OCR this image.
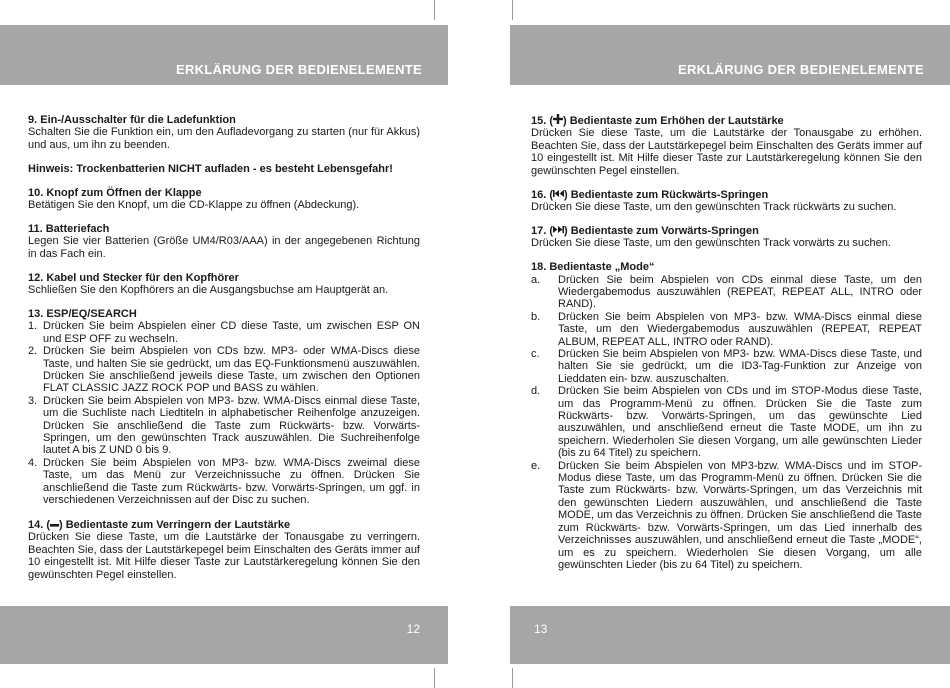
ERKLÄRUNG DER BEDIENELEMENTE	ERKLÄRUNG DER BEDIENELEMENTE
9. Ein-/Ausschalter für die Ladefunktion
Schalten Sie die Funktion ein, um den Aufladevorgang zu starten (nur für Akkus) und aus, um ihn zu beenden.
Hinweis: Trockenbatterien NICHT aufladen - es besteht Lebensgefahr!
10. Knopf zum Öffnen der Klappe
Betätigen Sie den Knopf, um die CD-Klappe zu öffnen (Abdeckung).
11. Batteriefach
Legen Sie vier Batterien (Größe UM4/R03/AAA) in der angegebenen Richtung in das Fach ein.
12. Kabel und Stecker für den Kopfhörer
Schließen Sie den Kopfhörers an die Ausgangsbuchse am Hauptgerät an.
13. ESP/EQ/SEARCH
1. Drücken Sie beim Abspielen einer CD diese Taste, um zwischen ESP ON und ESP OFF zu wechseln.
2. Drücken Sie beim Abspielen von CDs bzw. MP3- oder WMA-Discs diese Taste, und halten Sie sie gedrückt, um das EQ-Funktionsmenü auszuwählen. Drücken Sie anschließend jeweils diese Taste, um zwischen den Optionen FLAT CLASSIC JAZZ ROCK POP und BASS zu wählen.
3. Drücken Sie beim Abspielen von MP3- bzw. WMA-Discs einmal diese Taste, um die Suchliste nach Liedtiteln in alphabetischer Reihenfolge anzuzeigen. Drücken Sie anschließend die Taste zum Rückwärts- bzw. Vorwärts-Springen, um den gewünschten Track auszuwählen. Die Suchreihenfolge lautet A bis Z UND 0 bis 9.
4. Drücken Sie beim Abspielen von MP3- bzw. WMA-Discs zweimal diese Taste, um das Menü zur Verzeichnissuche zu öffnen. Drücken Sie anschließend die Taste zum Rückwärts- bzw. Vorwärts-Springen, um ggf. in verschiedenen Verzeichnissen auf der Disc zu suchen.
14. ( ) Bedientaste zum Verringern der Lautstärke
Drücken Sie diese Taste, um die Lautstärke der Tonausgabe zu verringern. Beachten Sie, dass der Lautstärkepegel beim Einschalten des Geräts immer auf 10 eingestellt ist. Mit Hilfe dieser Taste zur Lautstärkeregelung können Sie den gewünschten Pegel einstellen.
15. ( ) Bedientaste zum Erhöhen der Lautstärke
Drücken Sie diese Taste, um die Lautstärke der Tonausgabe zu erhöhen. Beachten Sie, dass der Lautstärkepegel beim Einschalten des Geräts immer auf 10 eingestellt ist. Mit Hilfe dieser Taste zur Lautstärkeregelung können Sie den gewünschten Pegel einstellen.
16. ( ) Bedientaste zum Rückwärts-Springen
Drücken Sie diese Taste, um den gewünschten Track rückwärts zu suchen.
17. ( ) Bedientaste zum Vorwärts-Springen
Drücken Sie diese Taste, um den gewünschten Track vorwärts zu suchen.
18. Bedientaste „Mode“
a. Drücken Sie beim Abspielen von CDs einmal diese Taste, um den Wiedergabemodus auszuwählen (REPEAT, REPEAT ALL, INTRO oder RAND).
b. Drücken Sie beim Abspielen von MP3- bzw. WMA-Discs einmal diese Taste, um den Wiedergabemodus auszuwählen (REPEAT, REPEAT ALBUM, REPEAT ALL, INTRO oder RAND).
c. Drücken Sie beim Abspielen von MP3- bzw. WMA-Discs diese Taste, und halten Sie sie gedrückt, um die ID3-Tag-Funktion zur Anzeige von Lieddaten ein- bzw. auszuschalten.
d. Drücken Sie beim Abspielen von CDs und im STOP-Modus diese Taste, um das Programm-Menü zu öffnen. Drücken Sie die Taste zum Rückwärts- bzw. Vorwärts-Springen, um das gewünschte Lied auszuwählen, und anschließend erneut die Taste MODE, um ihn zu speichern. Wiederholen Sie diesen Vorgang, um alle gewünschten Lieder (bis zu 64 Titel) zu speichern.
e. Drücken Sie beim Abspielen von MP3-bzw. WMA-Discs und im STOP-Modus diese Taste, um das Programm-Menü zu öffnen. Drücken Sie die Taste zum Rückwärts- bzw. Vorwärts-Springen, um das Verzeichnis mit den gewünschten Liedern auszuwählen, und anschließend die Taste MODE, um das Verzeichnis zu öffnen. Drücken Sie anschließend die Taste zum Rückwärts- bzw. Vorwärts-Springen, um das Lied innerhalb des Verzeichnisses auszuwählen, und anschließend erneut die Taste „MODE“, um es zu speichern. Wiederholen Sie diesen Vorgang, um alle gewünschten Lieder (bis zu 64 Titel) zu speichern.
12	13
